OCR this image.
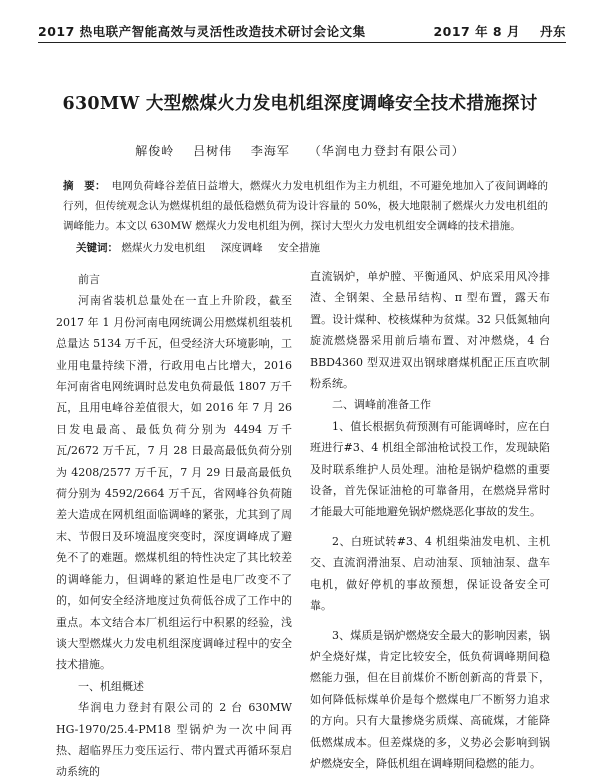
2017 热电联产智能高效与灵活性改造技术研讨会论文集	2017 年 8 月 丹东
630MW 大型燃煤火力发电机组深度调峰安全技术措施探讨
解俊岭 吕树伟 李海军 （华润电力登封有限公司）
摘　要： 电网负荷峰谷差值日益增大，燃煤火力发电机组作为主力机组，不可避免地加入了夜间调峰的行列，但传统观念认为燃煤机组的最低稳燃负荷为设计容量的 50%，极大地限制了燃煤火力发电机组的调峰能力。本文以 630MW 燃煤火力发电机组为例，探讨大型火力发电机组安全调峰的技术措施。
关键词： 燃煤火力发电机组 深度调峰 安全措施
前言

河南省装机总量处在一直上升阶段，截至 2017 年 1 月份河南电网统调公用燃煤机组装机总量达 5134 万千瓦，但受经济大环境影响，工业用电量持续下滑，行政用电占比增大，2016 年河南省电网统调时总发电负荷最低 1807 万千瓦，且用电峰谷差值很大，如 2016 年 7 月 26 日发电最高、最低负荷分别为 4494 万千瓦/2672 万千瓦，7 月 28 日最高最低负荷分别为 4208/2577 万千瓦，7 月 29 日最高最低负荷分别为 4592/2664 万千瓦，省网峰谷负荷随差大造成在网机组面临调峰的紧张，尤其到了周末、节假日及环境温度突变时，深度调峰成了避免不了的难题。燃煤机组的特性决定了其比较差的调峰能力，但调峰的紧迫性是电厂改变不了的，如何安全经济地度过负荷低谷成了工作中的重点。本文结合本厂机组运行中积累的经验，浅谈大型燃煤火力发电机组深度调峰过程中的安全技术措施。

一、机组概述

华润电力登封有限公司的 2 台 630MW HG-1970/25.4-PM18 型锅炉为一次中间再热、超临界压力变压运行、带内置式再循环泵启动系统的

直流锅炉，单炉膛、平衡通风、炉底采用风冷排渣、全钢架、全悬吊结构、π 型布置，露天布置。设计煤种、校核煤种为贫煤。32 只低氮轴向旋流燃烧器采用前后墙布置、对冲燃烧，4 台 BBD4360 型双进双出钢球磨煤机配正压直吹制粉系统。

二、调峰前准备工作

1、值长根据负荷预测有可能调峰时，应在白班进行#3、4 机组全部油枪试投工作，发现缺陷及时联系维护人员处理。油枪是锅炉稳燃的重要设备，首先保证油枪的可靠备用，在燃烧异常时才能最大可能地避免锅炉燃烧恶化事故的发生。

2、白班试转#3、4 机组柴油发电机、主机交、直流润滑油泵、启动油泵、顶轴油泵、盘车电机，做好停机的事故预想，保证设备安全可靠。

3、煤质是锅炉燃烧安全最大的影响因素，锅炉全烧好煤，肯定比较安全，低负荷调峰期间稳燃能力强，但在目前煤价不断创新高的背景下，如何降低标煤单价是每个燃煤电厂不断努力追求的方向。只有大量掺烧劣质煤、高硫煤，才能降低燃煤成本。但差煤烧的多，义势必会影响到锅炉燃烧安全，降低机组在调峰期间稳燃的能力。
